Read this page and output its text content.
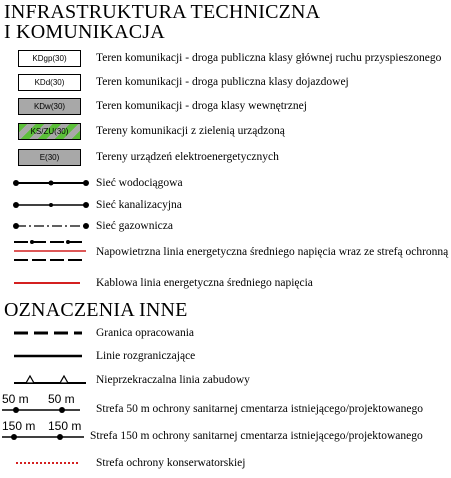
INFRASTRUKTURA TECHNICZNA
I KOMUNIKACJA
KDgp(30)	Teren komunikacji - droga publiczna klasy głównej ruchu przyspieszonego
KDd(30)	Teren komunikacji - droga publiczna klasy dojazdowej
KDw(30)	Teren komunikacji - droga klasy wewnętrznej
KS/ZU(30)	Tereny komunikacji z zielenią urządzoną
E(30)	Tereny urządzeń elektroenergetycznych
Sieć wodociągowa
Sieć kanalizacyjna
Sieć gazownicza
Napowietrzna linia energetyczna średniego napięcia wraz ze strefą ochronną
Kablowa linia energetyczna średniego napięcia
OZNACZENIA INNE
Granica opracowania
Linie rozgraniczające
Nieprzekraczalna linia zabudowy
50 m 50 m
Strefa 50 m ochrony sanitarnej cmentarza istniejącego/projektowanego
150 m 150 m
Strefa 150 m ochrony sanitarnej cmentarza istniejącego/projektowanego
Strefa ochrony konserwatorskiej
